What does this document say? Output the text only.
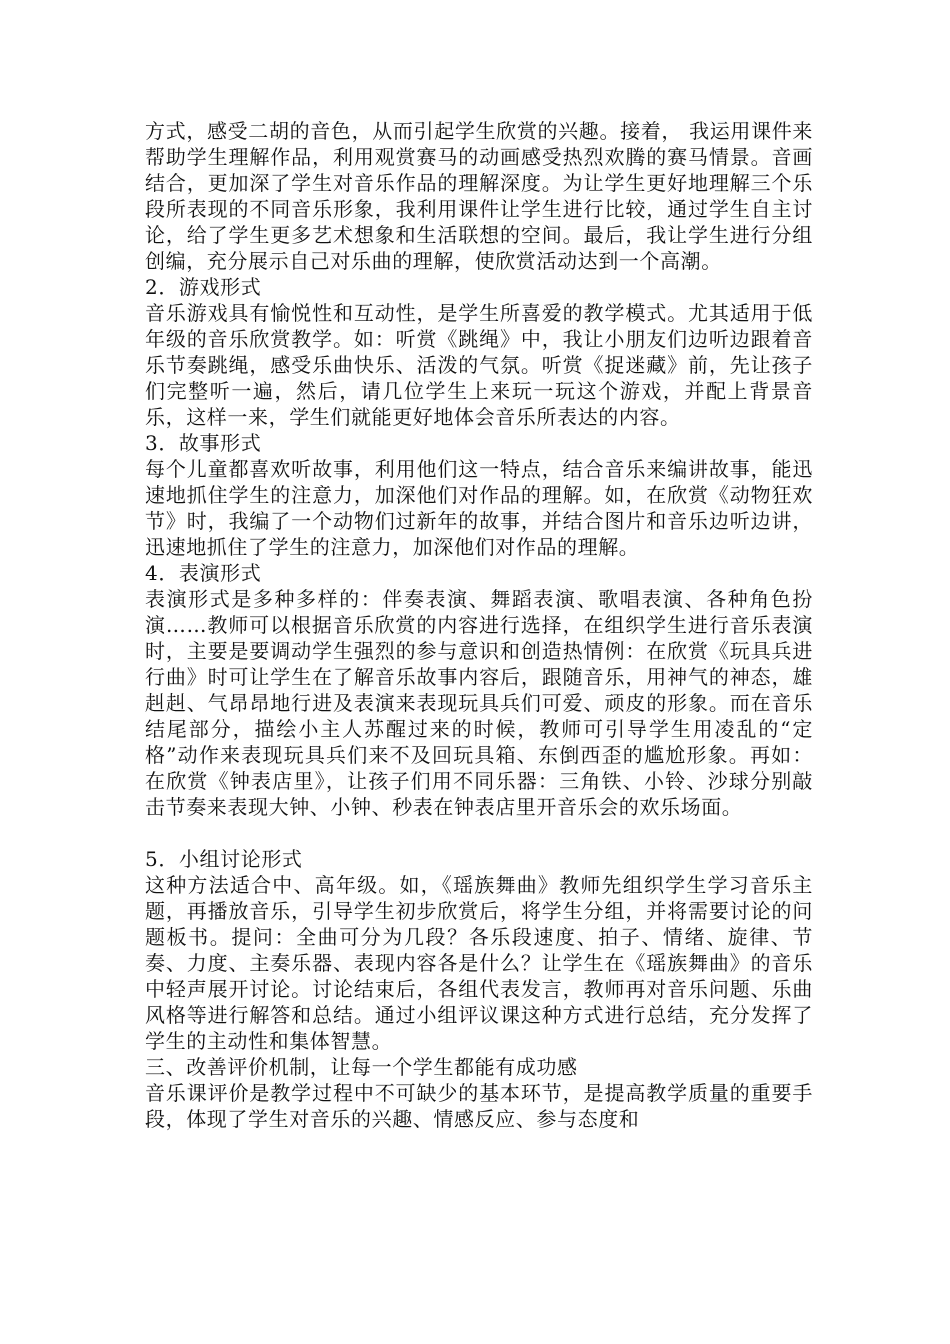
方式，感受二胡的音色，从而引起学生欣赏的兴趣。接着， 我运用课件来帮助学生理解作品，利用观赏赛马的动画感受热烈欢腾的赛马情景。音画结合，更加深了学生对音乐作品的理解深度。为让学生更好地理解三个乐段所表现的不同音乐形象，我利用课件让学生进行比较，通过学生自主讨论，给了学生更多艺术想象和生活联想的空间。最后，我让学生进行分组创编，充分展示自己对乐曲的理解，使欣赏活动达到一个高潮。

2．游戏形式

音乐游戏具有愉悦性和互动性，是学生所喜爱的教学模式。尤其适用于低年级的音乐欣赏教学。如：听赏《跳绳》中，我让小朋友们边听边跟着音乐节奏跳绳，感受乐曲快乐、活泼的气氛。听赏《捉迷藏》前，先让孩子们完整听一遍，然后，请几位学生上来玩一玩这个游戏，并配上背景音乐，这样一来，学生们就能更好地体会音乐所表达的内容。

3．故事形式

每个儿童都喜欢听故事，利用他们这一特点，结合音乐来编讲故事，能迅速地抓住学生的注意力，加深他们对作品的理解。如，在欣赏《动物狂欢节》时，我编了一个动物们过新年的故事，并结合图片和音乐边听边讲，迅速地抓住了学生的注意力，加深他们对作品的理解。

4．表演形式

表演形式是多种多样的：伴奏表演、舞蹈表演、歌唱表演、各种角色扮演……教师可以根据音乐欣赏的内容进行选择，在组织学生进行音乐表演时，主要是要调动学生强烈的参与意识和创造热情例：在欣赏《玩具兵进行曲》时可让学生在了解音乐故事内容后，跟随音乐，用神气的神态，雄赳赳、气昂昂地行进及表演来表现玩具兵们可爱、顽皮的形象。而在音乐结尾部分，描绘小主人苏醒过来的时候，教师可引导学生用凌乱的“定格”动作来表现玩具兵们来不及回玩具箱、东倒西歪的尴尬形象。再如：在欣赏《钟表店里》，让孩子们用不同乐器：三角铁、小铃、沙球分别敲击节奏来表现大钟、小钟、秒表在钟表店里开音乐会的欢乐场面。

5．小组讨论形式

这种方法适合中、高年级。如，《瑶族舞曲》教师先组织学生学习音乐主题，再播放音乐，引导学生初步欣赏后，将学生分组，并将需要讨论的问题板书。提问：全曲可分为几段？各乐段速度、拍子、情绪、旋律、节奏、力度、主奏乐器、表现内容各是什么？让学生在《瑶族舞曲》的音乐中轻声展开讨论。讨论结束后，各组代表发言，教师再对音乐问题、乐曲风格等进行解答和总结。通过小组评议课这种方式进行总结，充分发挥了学生的主动性和集体智慧。

三、改善评价机制，让每一个学生都能有成功感

音乐课评价是教学过程中不可缺少的基本环节，是提高教学质量的重要手段，体现了学生对音乐的兴趣、情感反应、参与态度和
